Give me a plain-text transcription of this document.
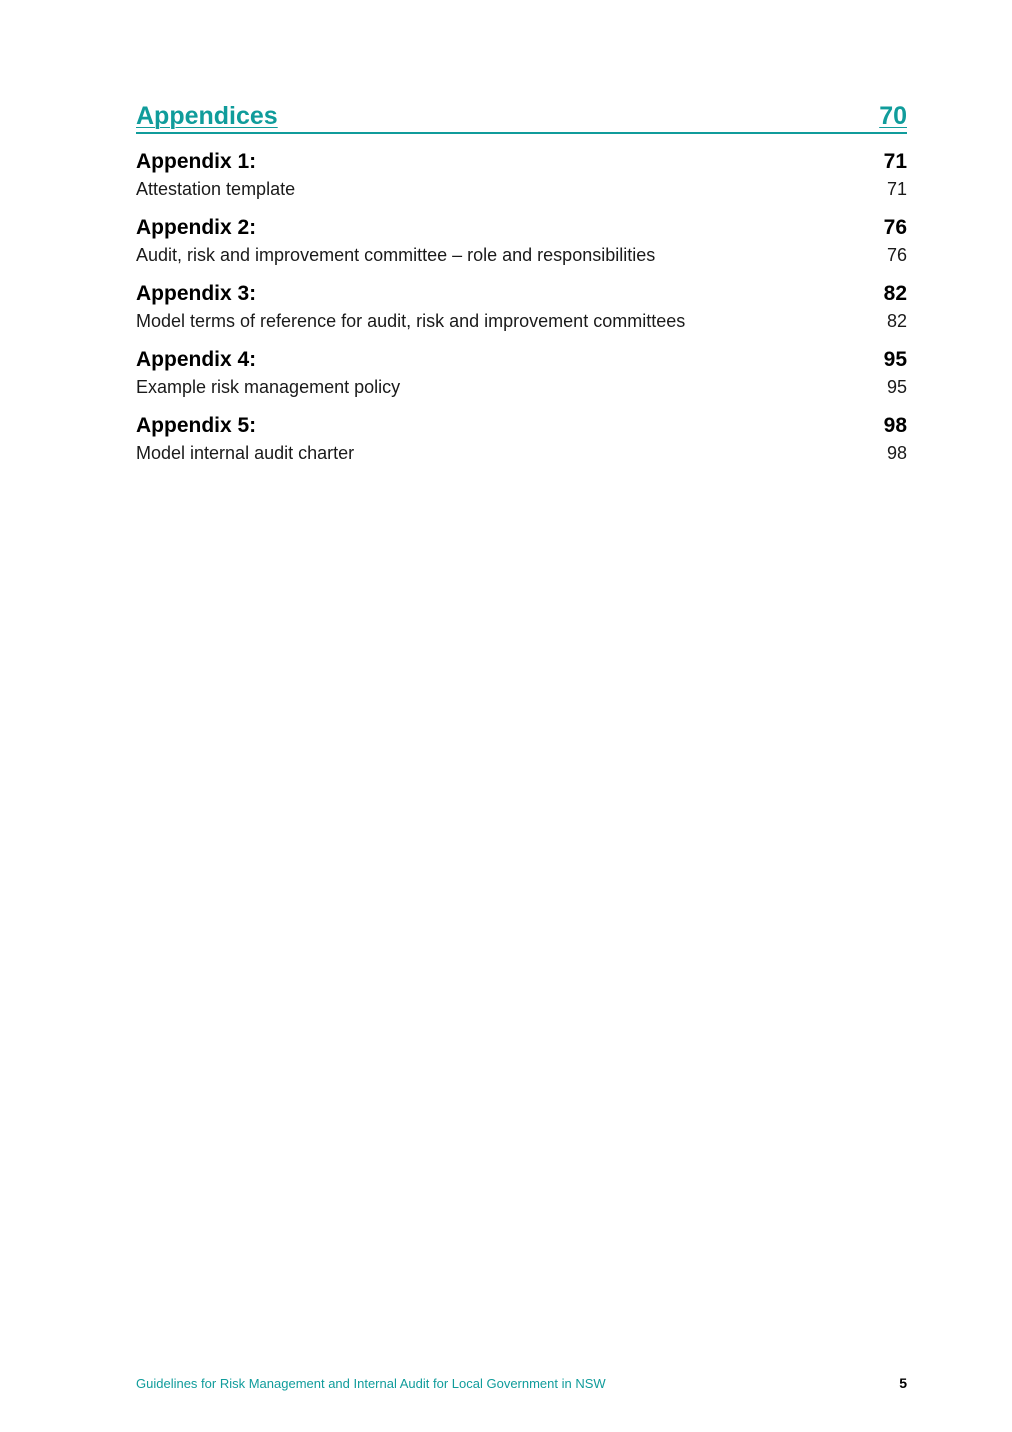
Appendices	70
Appendix 1:	71
Attestation template	71
Appendix 2:	76
Audit, risk and improvement committee – role and responsibilities	76
Appendix 3:	82
Model terms of reference for audit, risk and improvement committees	82
Appendix 4:	95
Example risk management policy	95
Appendix 5:	98
Model internal audit charter	98
Guidelines for Risk Management and Internal Audit for Local Government in NSW	5
